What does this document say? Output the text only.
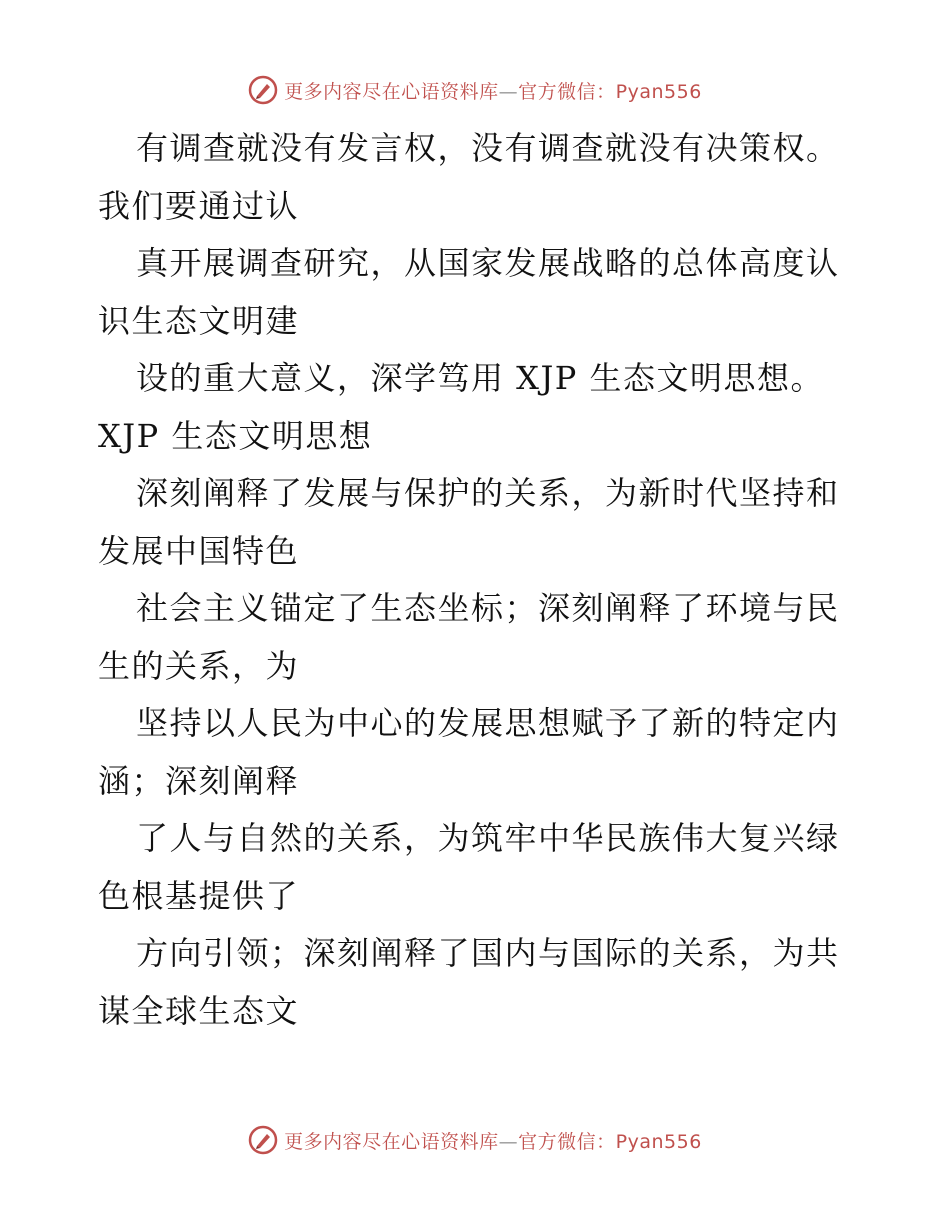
更多内容尽在心语资料库—官方微信：Pyan556
有调查就没有发言权，没有调查就没有决策权。
我们要通过认
真开展调查研究，从国家发展战略的总体高度认
识生态文明建
设的重大意义，深学笃用 XJP 生态文明思想。
XJP 生态文明思想
深刻阐释了发展与保护的关系，为新时代坚持和
发展中国特色
社会主义锚定了生态坐标；深刻阐释了环境与民
生的关系，为
坚持以人民为中心的发展思想赋予了新的特定内
涵；深刻阐释
了人与自然的关系，为筑牢中华民族伟大复兴绿
色根基提供了
方向引领；深刻阐释了国内与国际的关系，为共
谋全球生态文
更多内容尽在心语资料库—官方微信：Pyan556
